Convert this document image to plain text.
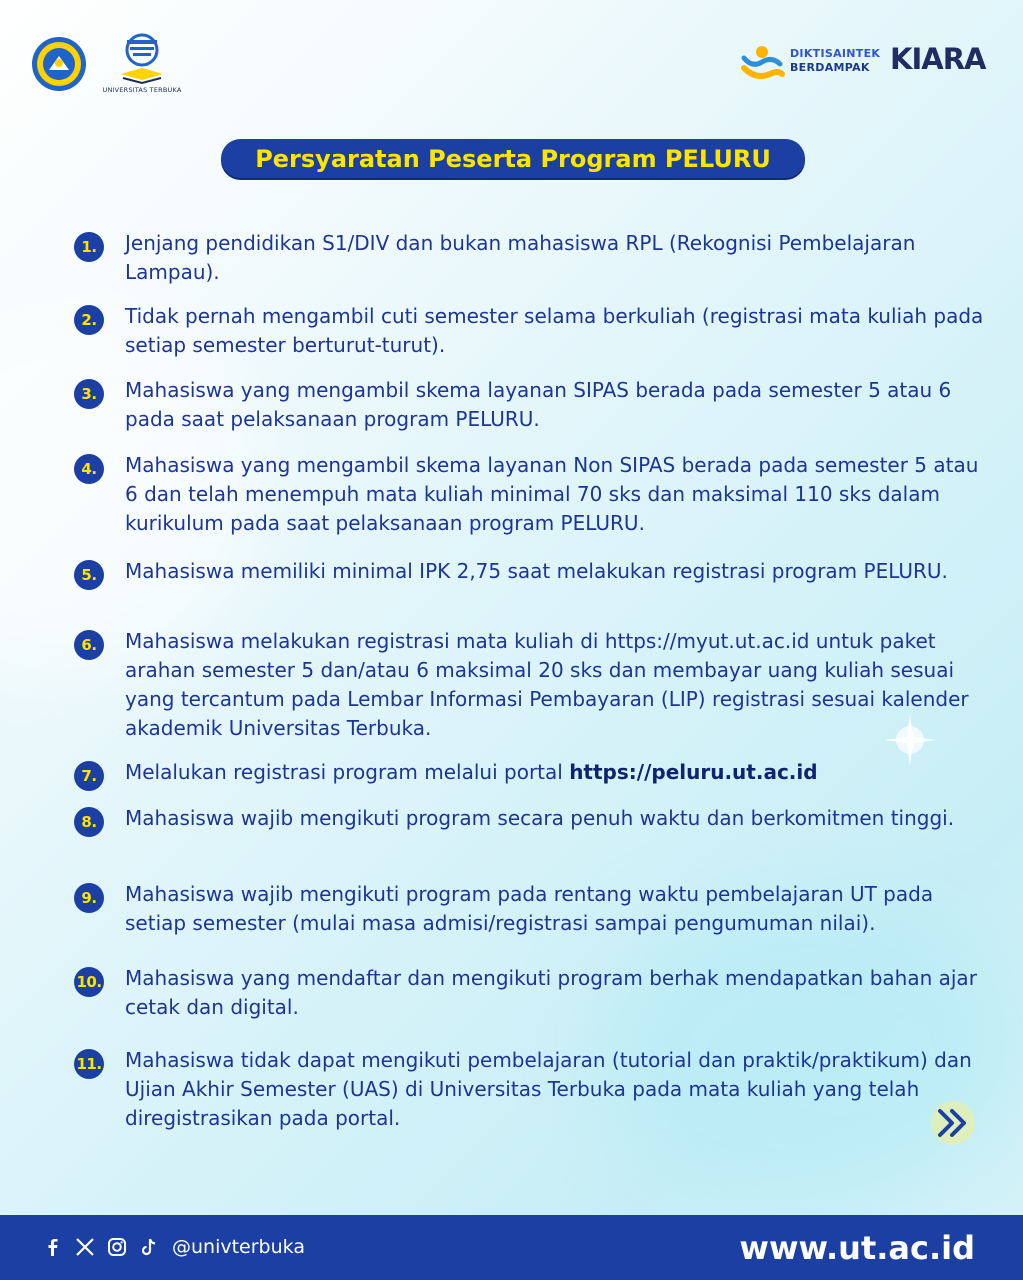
UNIVERSITAS TERBUKA
DIKTISAINTEK
BERDAMPAK KIARA
Persyaratan Peserta Program PELURU
1.	Jenjang pendidikan S1/DIV dan bukan mahasiswa RPL (Rekognisi Pembelajaran Lampau).
2.	Tidak pernah mengambil cuti semester selama berkuliah (registrasi mata kuliah pada setiap semester berturut-turut).
3.	Mahasiswa yang mengambil skema layanan SIPAS berada pada semester 5 atau 6 pada saat pelaksanaan program PELURU.
4.	Mahasiswa yang mengambil skema layanan Non SIPAS berada pada semester 5 atau 6 dan telah menempuh mata kuliah minimal 70 sks dan maksimal 110 sks dalam kurikulum pada saat pelaksanaan program PELURU.
5.	Mahasiswa memiliki minimal IPK 2,75 saat melakukan registrasi program PELURU.
6.	Mahasiswa melakukan registrasi mata kuliah di https://myut.ut.ac.id untuk paket arahan semester 5 dan/atau 6 maksimal 20 sks dan membayar uang kuliah sesuai yang tercantum pada Lembar Informasi Pembayaran (LIP) registrasi sesuai kalender akademik Universitas Terbuka.
7.	Melalukan registrasi program melalui portal https://peluru.ut.ac.id
8.	Mahasiswa wajib mengikuti program secara penuh waktu dan berkomitmen tinggi.
9.	Mahasiswa wajib mengikuti program pada rentang waktu pembelajaran UT pada setiap semester (mulai masa admisi/registrasi sampai pengumuman nilai).
10. Mahasiswa yang mendaftar dan mengikuti program berhak mendapatkan bahan ajar cetak dan digital.
11. Mahasiswa tidak dapat mengikuti pembelajaran (tutorial dan praktik/praktikum) dan Ujian Akhir Semester (UAS) di Universitas Terbuka pada mata kuliah yang telah diregistrasikan pada portal.
@univterbuka	www.ut.ac.id
